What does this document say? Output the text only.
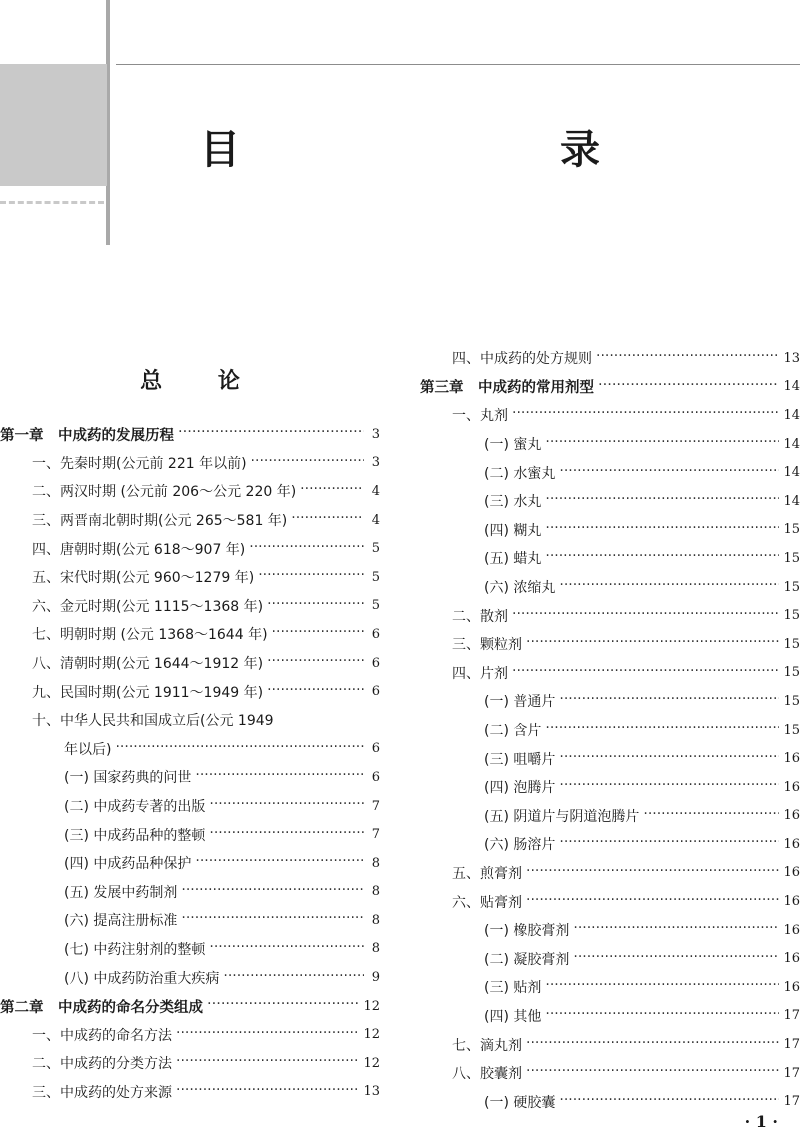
目　　录
总 论
第一章　中成药的发展历程 ·····	3
一、先秦时期(公元前 221 年以前) ·····	3
二、两汉时期 (公元前 206～公元 220 年) ·····	4
三、两晋南北朝时期(公元 265～581 年) ·····	4
四、唐朝时期(公元 618～907 年) ·····	5
五、宋代时期(公元 960～1279 年) ·····	5
六、金元时期(公元 1115～1368 年) ·····	5
七、明朝时期 (公元 1368～1644 年) ·····	6
八、清朝时期(公元 1644～1912 年) ·····	6
九、民国时期(公元 1911～1949 年) ·····	6
十、中华人民共和国成立后(公元 1949
年以后) ·····	6
(一) 国家药典的问世 ·····	6
(二) 中成药专著的出版 ·····	7
(三) 中成药品种的整顿 ·····	7
(四) 中成药品种保护 ·····	8
(五) 发展中药制剂 ·····	8
(六) 提高注册标准 ·····	8
(七) 中药注射剂的整顿 ·····	8
(八) 中成药防治重大疾病 ·····	9
第二章　中成药的命名分类组成 ·····	12
一、中成药的命名方法 ·····	12
二、中成药的分类方法 ·····	12
三、中成药的处方来源 ·····	13
四、中成药的处方规则 ·····	13
第三章　中成药的常用剂型 ·····	14
一、丸剂 ·····	14
(一) 蜜丸 ·····	14
(二) 水蜜丸 ·····	14
(三) 水丸 ·····	14
(四) 糊丸 ·····	15
(五) 蜡丸 ·····	15
(六) 浓缩丸 ·····	15
二、散剂 ·····	15
三、颗粒剂 ·····	15
四、片剂 ·····	15
(一) 普通片 ·····	15
(二) 含片 ·····	15
(三) 咀嚼片 ·····	16
(四) 泡腾片 ·····	16
(五) 阴道片与阴道泡腾片 ·····	16
(六) 肠溶片 ·····	16
五、煎膏剂 ·····	16
六、贴膏剂 ·····	16
(一) 橡胶膏剂 ·····	16
(二) 凝胶膏剂 ·····	16
(三) 贴剂 ·····	16
(四) 其他 ·····	17
七、滴丸剂 ·····	17
八、胶囊剂 ·····	17
(一) 硬胶囊 ·····	17
· 1 ·
